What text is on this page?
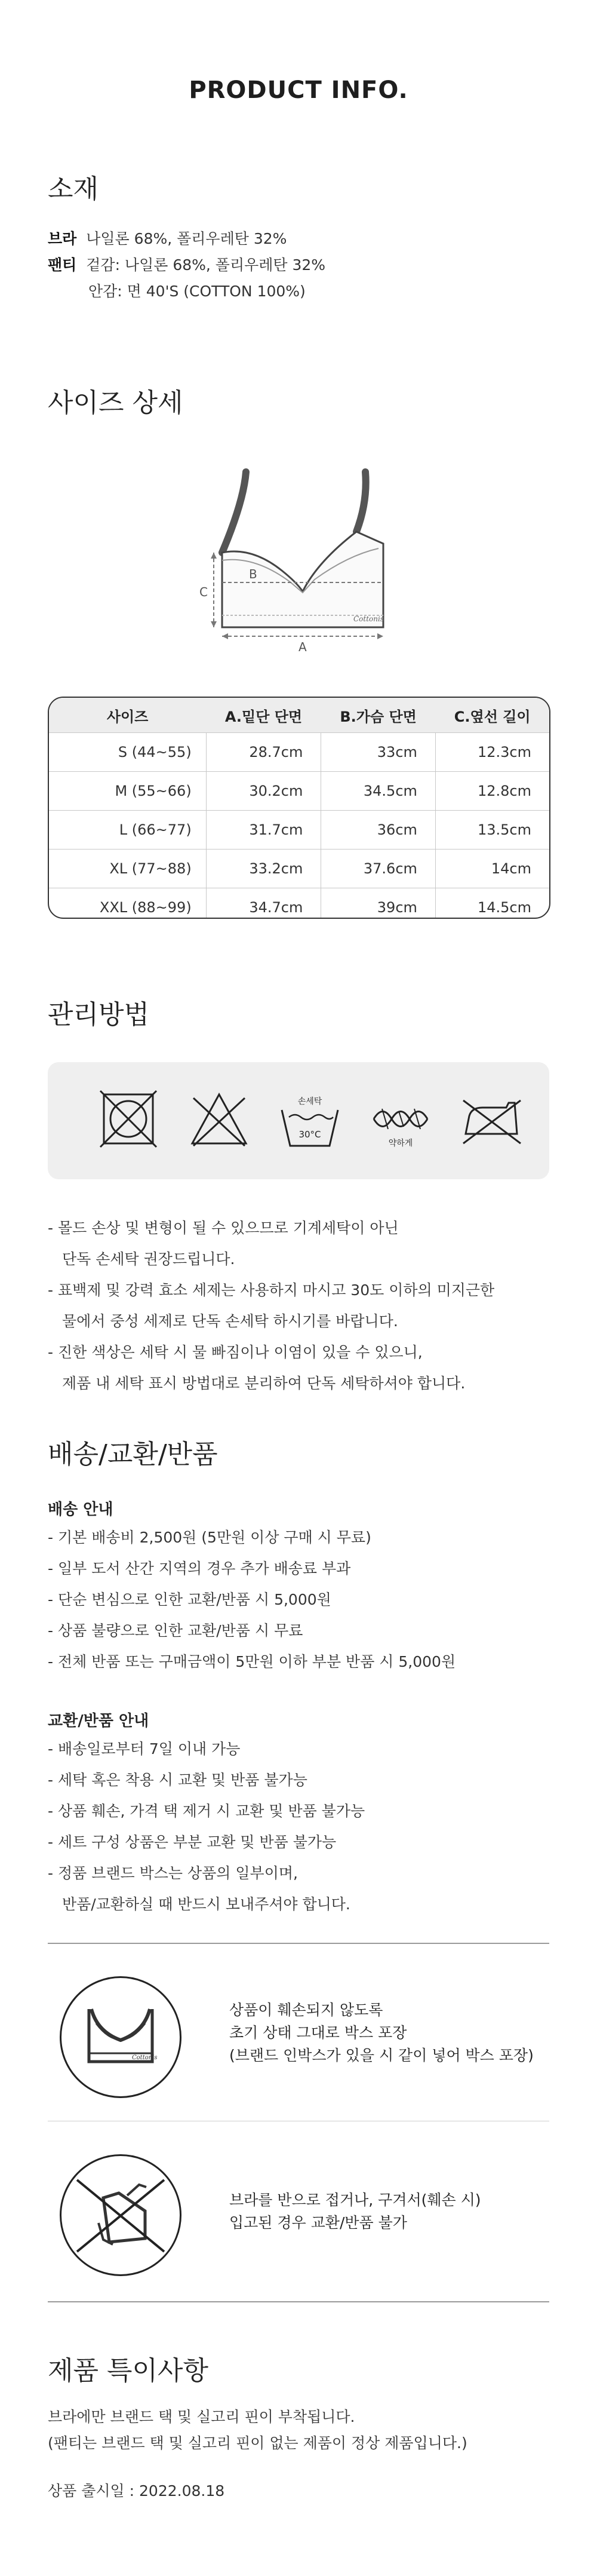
PRODUCT INFO.
소재
브라 나일론 68%, 폴리우레탄 32%
팬티 겉감: 나일론 68%, 폴리우레탄 32%
안감: 면 40'S (COTTON 100%)
사이즈 상세
Cottonis
B
C
A
사이즈	A.밑단 단면	B.가슴 단면	C.옆선 길이
S (44~55)	28.7cm	33cm	12.3cm
M (55~66)	30.2cm	34.5cm	12.8cm
L (66~77)	31.7cm	36cm	13.5cm
XL (77~88)	33.2cm	37.6cm	14cm
XXL (88~99)	34.7cm	39cm	14.5cm
관리방법
손세탁
30°C
약하게
- 몰드 손상 및 변형이 될 수 있으므로 기계세탁이 아닌
단독 손세탁 권장드립니다.
- 표백제 및 강력 효소 세제는 사용하지 마시고 30도 이하의 미지근한
물에서 중성 세제로 단독 손세탁 하시기를 바랍니다.
- 진한 색상은 세탁 시 물 빠짐이나 이염이 있을 수 있으니,
제품 내 세탁 표시 방법대로 분리하여 단독 세탁하셔야 합니다.
배송/교환/반품
배송 안내
- 기본 배송비 2,500원 (5만원 이상 구매 시 무료)
- 일부 도서 산간 지역의 경우 추가 배송료 부과
- 단순 변심으로 인한 교환/반품 시 5,000원
- 상품 불량으로 인한 교환/반품 시 무료
- 전체 반품 또는 구매금액이 5만원 이하 부분 반품 시 5,000원
교환/반품 안내
- 배송일로부터 7일 이내 가능
- 세탁 혹은 착용 시 교환 및 반품 불가능
- 상품 훼손, 가격 택 제거 시 교환 및 반품 불가능
- 세트 구성 상품은 부분 교환 및 반품 불가능
- 정품 브랜드 박스는 상품의 일부이며,
반품/교환하실 때 반드시 보내주셔야 합니다.
Cottonis
상품이 훼손되지 않도록
초기 상태 그대로 박스 포장
(브랜드 인박스가 있을 시 같이 넣어 박스 포장)
브라를 반으로 접거나, 구겨서(훼손 시)
입고된 경우 교환/반품 불가
제품 특이사항
브라에만 브랜드 택 및 실고리 핀이 부착됩니다.
(팬티는 브랜드 택 및 실고리 핀이 없는 제품이 정상 제품입니다.)
상품 출시일 : 2022.08.18
